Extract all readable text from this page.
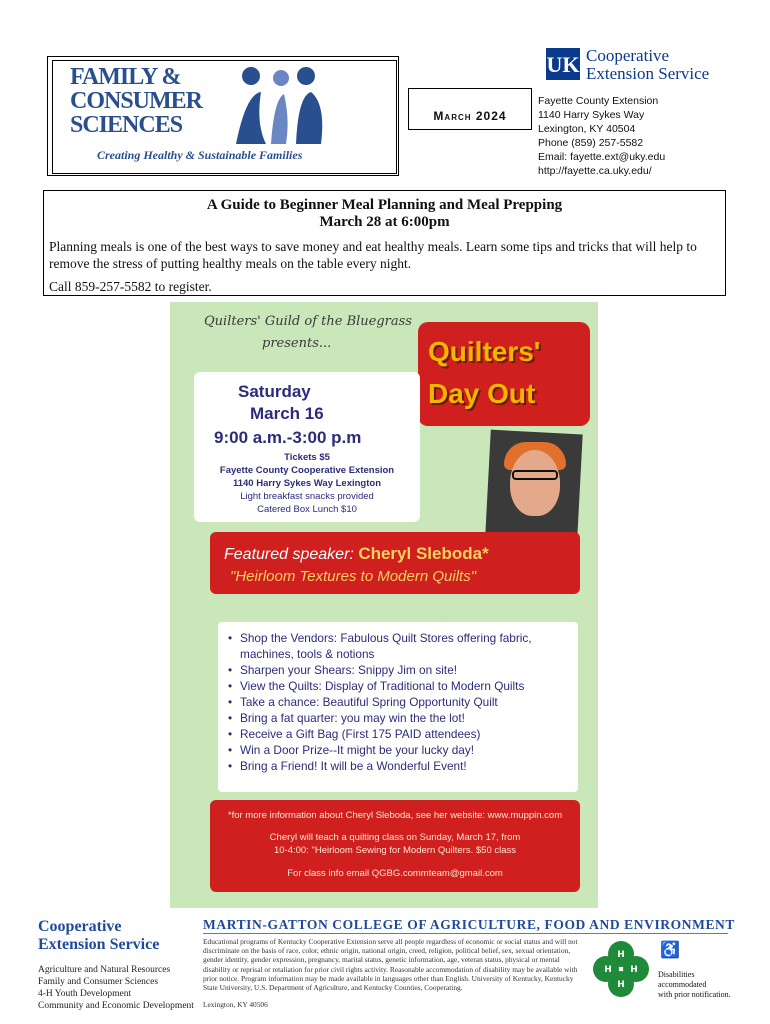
FAMILY &
CONSUMER
SCIENCES
Creating Healthy & Sustainable Families
March 2024
UK Cooperative
Extension Service
Fayette County Extension
1140 Harry Sykes Way
Lexington, KY 40504
Phone (859) 257-5582
Email: fayette.ext@uky.edu
http://fayette.ca.uky.edu/
A Guide to Beginner Meal Planning and Meal Prepping
March 28 at 6:00pm
Planning meals is one of the best ways to save money and eat healthy meals. Learn some tips and tricks that will help to remove the stress of putting healthy meals on the table every night.
Call 859-257-5582 to register.
Quilters' Guild of the Bluegrass
presents...	Quilters'
Day Out
Saturday
March 16
9:00 a.m.-3:00 p.m
Tickets $5
Fayette County Cooperative Extension
1140 Harry Sykes Way Lexington
Light breakfast snacks provided
Catered Box Lunch $10
Featured speaker: Cheryl Sleboda*
"Heirloom Textures to Modern Quilts"
• Shop the Vendors: Fabulous Quilt Stores offering fabric, machines, tools & notions
• Sharpen your Shears: Snippy Jim on site!
• View the Quilts: Display of Traditional to Modern Quilts
• Take a chance: Beautiful Spring Opportunity Quilt
• Bring a fat quarter: you may win the the lot!
• Receive a Gift Bag (First 175 PAID attendees)
• Win a Door Prize--It might be your lucky day!
• Bring a Friend! It will be a Wonderful Event!
*for more information about Cheryl Sleboda, see her website: www.muppin.com
Cheryl will teach a quilting class on Sunday, March 17, from
10-4:00: "Heirloom Sewing for Modern Quilters. $50 class
For class info email QGBG.commteam@gmail.com
Cooperative
Extension Service
Agriculture and Natural Resources
Family and Consumer Sciences
4-H Youth Development
Community and Economic Development
MARTIN-GATTON COLLEGE OF AGRICULTURE, FOOD AND ENVIRONMENT
Educational programs of Kentucky Cooperative Extension serve all people regardless of economic or social status and will not discriminate on the basis of race, color, ethnic origin, national origin, creed, religion, political belief, sex, sexual orientation, gender identity, gender expression, pregnancy, marital status, genetic information, age, veteran status, physical or mental disability or reprisal or retaliation for prior civil rights activity. Reasonable accommodation of disability may be available with prior notice. Program information may be made available in languages other than English. University of Kentucky, Kentucky State University, U.S. Department of Agriculture, and Kentucky Counties, Cooperating.
Lexington, KY 40506
H
H H
H
♿
Disabilities
accommodated
with prior notification.
